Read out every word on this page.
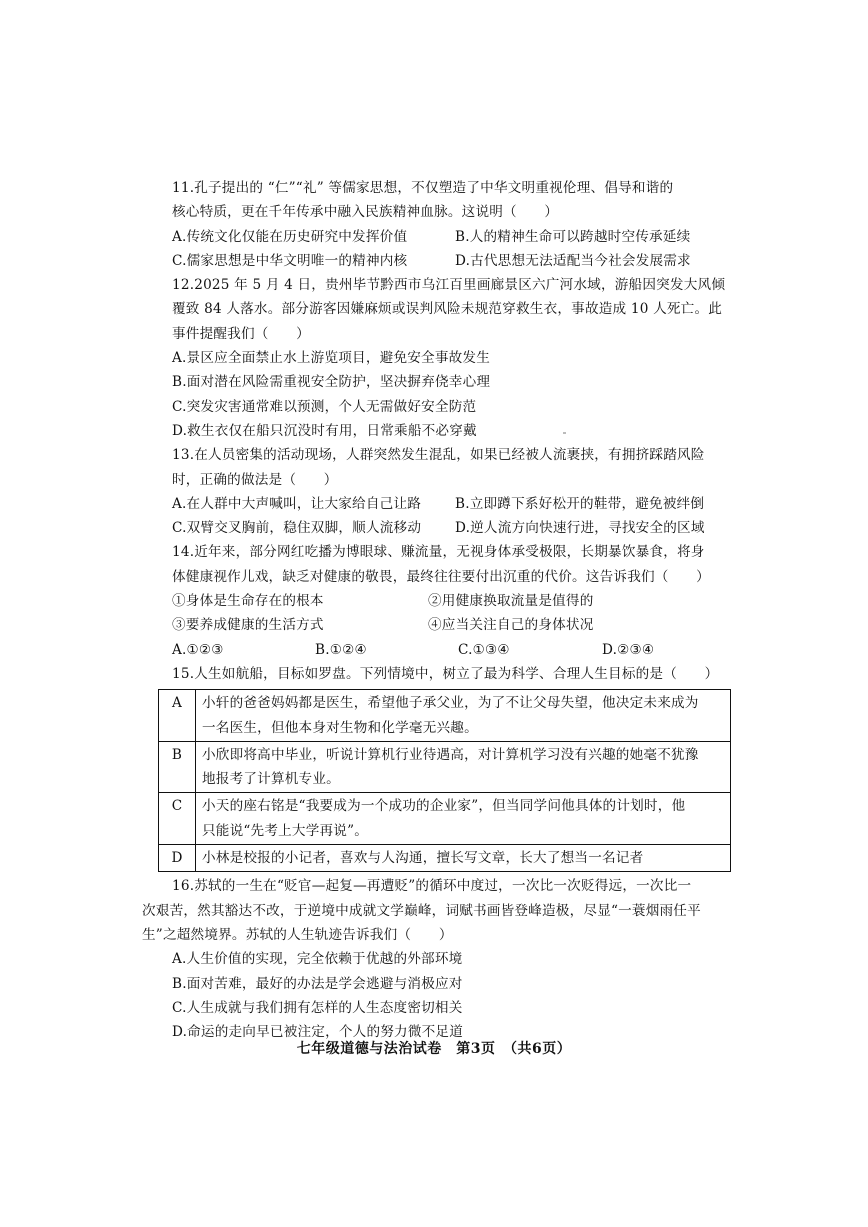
11.孔子提出的 “仁”“礼” 等儒家思想，不仅塑造了中华文明重视伦理、倡导和谐的
核心特质，更在千年传承中融入民族精神血脉。这说明（　　）
A.传统文化仅能在历史研究中发挥价值	B.人的精神生命可以跨越时空传承延续
C.儒家思想是中华文明唯一的精神内核	D.古代思想无法适配当今社会发展需求
12.2025 年 5 月 4 日，贵州毕节黔西市乌江百里画廊景区六广河水域，游船因突发大风倾
覆致 84 人落水。部分游客因嫌麻烦或误判风险未规范穿救生衣，事故造成 10 人死亡。此
事件提醒我们（　　）
A.景区应全面禁止水上游览项目，避免安全事故发生
B.面对潜在风险需重视安全防护，坚决摒弃侥幸心理
C.突发灾害通常难以预测，个人无需做好安全防范
D.救生衣仅在船只沉没时有用，日常乘船不必穿戴
13.在人员密集的活动现场，人群突然发生混乱，如果已经被人流裹挟，有拥挤踩踏风险
时，正确的做法是（　　）
A.在人群中大声喊叫，让大家给自己让路	B.立即蹲下系好松开的鞋带，避免被绊倒
C.双臂交叉胸前，稳住双脚，顺人流移动	D.逆人流方向快速行进，寻找安全的区域
14.近年来，部分网红吃播为博眼球、赚流量，无视身体承受极限，长期暴饮暴食，将身
体健康视作儿戏，缺乏对健康的敬畏，最终往往要付出沉重的代价。这告诉我们（　　）
①身体是生命存在的根本	②用健康换取流量是值得的
③要养成健康的生活方式	④应当关注自己的身体状况
A.①②③	B.①②④	C.①③④	D.②③④
15.人生如航船，目标如罗盘。下列情境中，树立了最为科学、合理人生目标的是（　　）
A	小轩的爸爸妈妈都是医生，希望他子承父业，为了不让父母失望，他决定未来成为
一名医生，但他本身对生物和化学毫无兴趣。

B	小欣即将高中毕业，听说计算机行业待遇高，对计算机学习没有兴趣的她毫不犹豫
地报考了计算机专业。

C	小天的座右铭是“我要成为一个成功的企业家”，但当同学问他具体的计划时，他
只能说“先考上大学再说”。

D	小林是校报的小记者，喜欢与人沟通，擅长写文章，长大了想当一名记者
16.苏轼的一生在“贬官—起复—再遭贬”的循环中度过，一次比一次贬得远，一次比一
次艰苦，然其豁达不改，于逆境中成就文学巅峰，词赋书画皆登峰造极，尽显“一蓑烟雨任平
生”之超然境界。苏轼的人生轨迹告诉我们（　　）
A.人生价值的实现，完全依赖于优越的外部环境
B.面对苦难，最好的办法是学会逃避与消极应对
C.人生成就与我们拥有怎样的人生态度密切相关
D.命运的走向早已被注定，个人的努力微不足道
七年级道德与法治试卷　第3页　（共6页）
